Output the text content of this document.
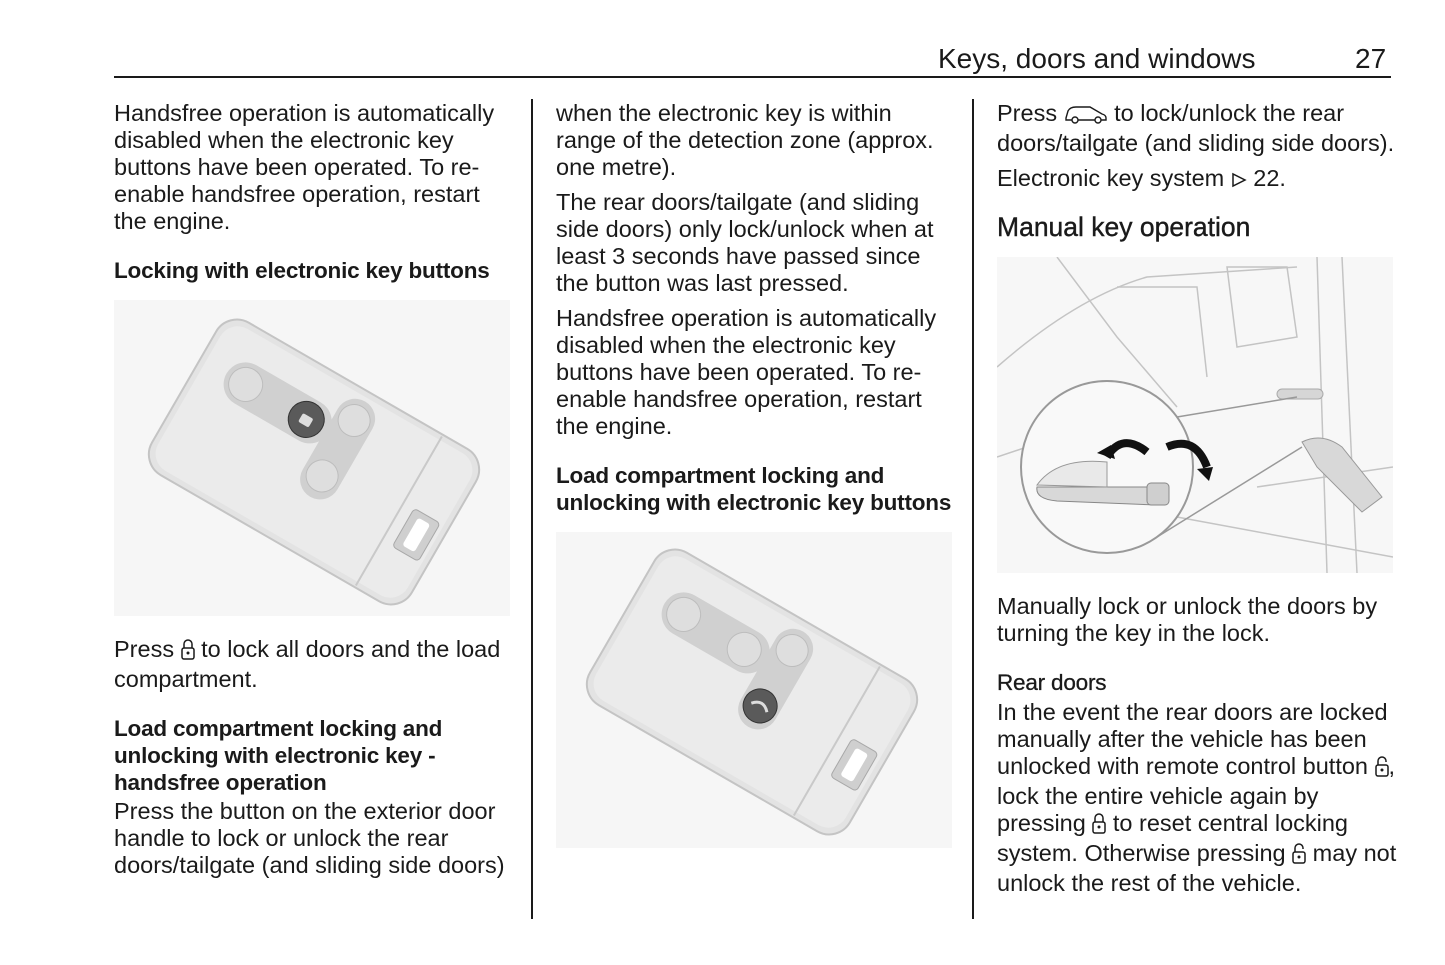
Keys, doors and windows	27

Handsfree operation is automatically disabled when the electronic key buttons have been operated. To re-enable handsfree operation, restart the engine.

Locking with electronic key buttons

Press  to lock all doors and the load compartment.

Load compartment locking and unlocking with electronic key - handsfree operation

Press the button on the exterior door handle to lock or unlock the rear doors/tailgate (and sliding side doors)

when the electronic key is within range of the detection zone (approx. one metre).

The rear doors/tailgate (and sliding side doors) only lock/unlock when at least 3 seconds have passed since the button was last pressed.

Handsfree operation is automatically disabled when the electronic key buttons have been operated. To re-enable handsfree operation, restart the engine.

Load compartment locking and unlocking with electronic key buttons

Press  to lock/unlock the rear doors/tailgate (and sliding side doors).

Electronic key system  22.

Manual key operation

Manually lock or unlock the doors by turning the key in the lock.

Rear doors

In the event the rear doors are locked manually after the vehicle has been unlocked with remote control button , lock the entire vehicle again by pressing  to reset central locking system. Otherwise pressing  may not unlock the rest of the vehicle.
